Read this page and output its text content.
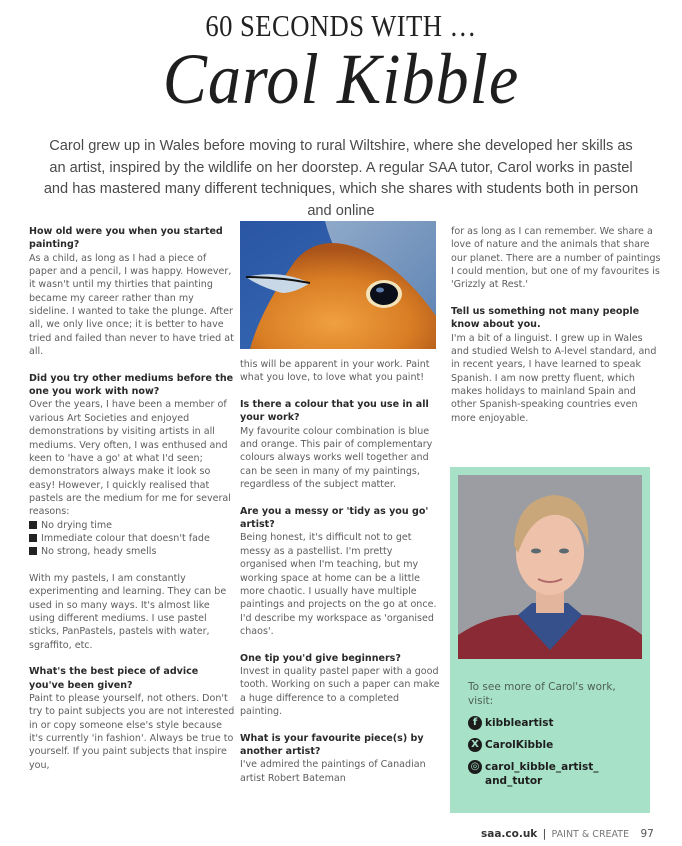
60 SECONDS WITH …
Carol Kibble
Carol grew up in Wales before moving to rural Wiltshire, where she developed her skills as an artist, inspired by the wildlife on her doorstep. A regular SAA tutor, Carol works in pastel and has mastered many different techniques, which she shares with students both in person and online
How old were you when you started painting?
As a child, as long as I had a piece of paper and a pencil, I was happy. However, it wasn't until my thirties that painting became my career rather than my sideline. I wanted to take the plunge. After all, we only live once; it is better to have tried and failed than never to have tried at all.
Did you try other mediums before the one you work with now?
Over the years, I have been a member of various Art Societies and enjoyed demonstrations by visiting artists in all mediums. Very often, I was enthused and keen to 'have a go' at what I'd seen; demonstrators always make it look so easy! However, I quickly realised that pastels are the medium for me for several reasons:
No drying time
Immediate colour that doesn't fade
No strong, heady smells
With my pastels, I am constantly experimenting and learning. They can be used in so many ways. It's almost like using different mediums. I use pastel sticks, PanPastels, pastels with water, sgraffito, etc.
What's the best piece of advice you've been given?
Paint to please yourself, not others. Don't try to paint subjects you are not interested in or copy someone else's style because it's currently 'in fashion'. Always be true to yourself. If you paint subjects that inspire you,
this will be apparent in your work. Paint what you love, to love what you paint!
Is there a colour that you use in all your work?
My favourite colour combination is blue and orange. This pair of complementary colours always works well together and can be seen in many of my paintings, regardless of the subject matter.
Are you a messy or 'tidy as you go' artist?
Being honest, it's difficult not to get messy as a pastellist. I'm pretty organised when I'm teaching, but my working space at home can be a little more chaotic. I usually have multiple paintings and projects on the go at once. I'd describe my workspace as 'organised chaos'.
One tip you'd give beginners?
Invest in quality pastel paper with a good tooth. Working on such a paper can make a huge difference to a completed painting.
What is your favourite piece(s) by another artist?
I've admired the paintings of Canadian artist Robert Bateman
for as long as I can remember. We share a love of nature and the animals that share our planet. There are a number of paintings I could mention, but one of my favourites is 'Grizzly at Rest.'
Tell us something not many people know about you.
I'm a bit of a linguist. I grew up in Wales and studied Welsh to A-level standard, and in recent years, I have learned to speak Spanish. I am now pretty fluent, which makes holidays to mainland Spain and other Spanish-speaking countries even more enjoyable.
To see more of Carol's work, visit:
f kibbleartist
X CarolKibble
◎ carol_kibble_artist_ and_tutor
saa.co.uk | PAINT & CREATE 97
